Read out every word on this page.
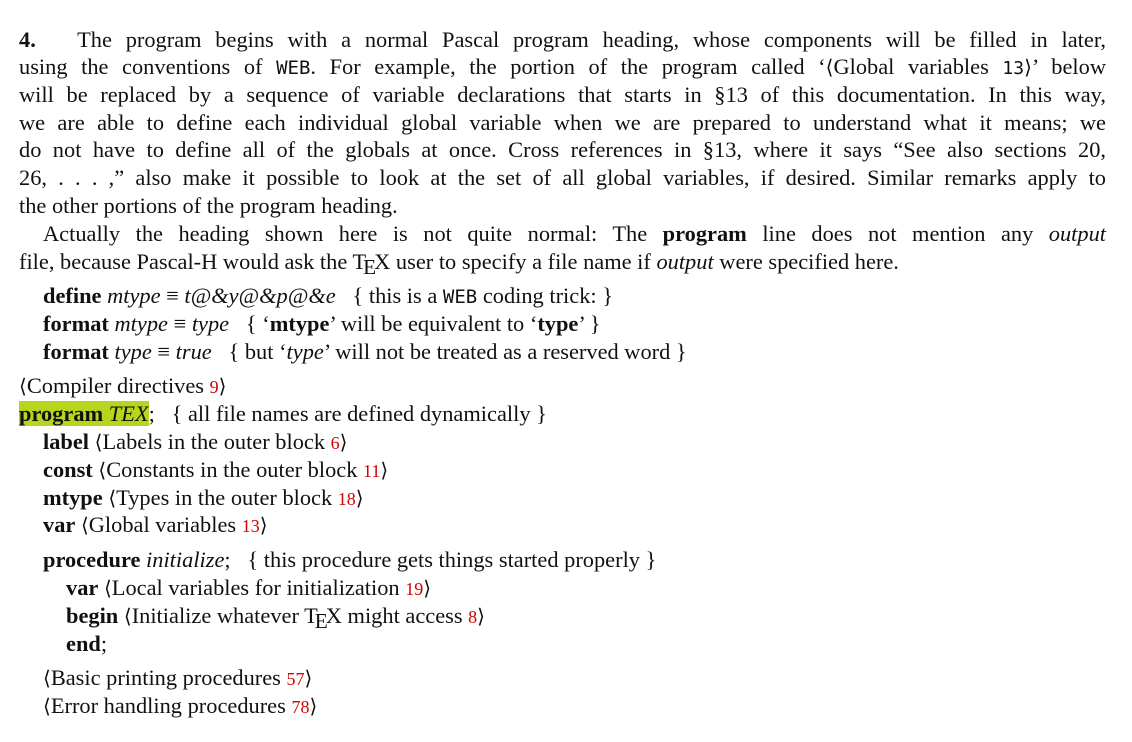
4. The program begins with a normal Pascal program heading, whose components will be filled in later,
using the conventions of WEB. For example, the portion of the program called ‘⟨Global variables 13⟩’ below
will be replaced by a sequence of variable declarations that starts in §13 of this documentation. In this way,
we are able to define each individual global variable when we are prepared to understand what it means; we
do not have to define all of the globals at once. Cross references in §13, where it says “See also sections 20,
26, . . . ,” also make it possible to look at the set of all global variables, if desired. Similar remarks apply to
the other portions of the program heading.
Actually the heading shown here is not quite normal: The program line does not mention any output
file, because Pascal-H would ask the TEX user to specify a file name if output were specified here.
define mtype ≡ t@&y@&p@&e { this is a WEB coding trick: }
format mtype ≡ type { ‘mtype’ will be equivalent to ‘type’ }
format type ≡ true { but ‘type’ will not be treated as a reserved word }
⟨Compiler directives 9⟩
program TEX; { all file names are defined dynamically }
label ⟨Labels in the outer block 6⟩
const ⟨Constants in the outer block 11⟩
mtype ⟨Types in the outer block 18⟩
var ⟨Global variables 13⟩
procedure initialize; { this procedure gets things started properly }
var ⟨Local variables for initialization 19⟩
begin ⟨Initialize whatever TEX might access 8⟩
end;
⟨Basic printing procedures 57⟩
⟨Error handling procedures 78⟩
